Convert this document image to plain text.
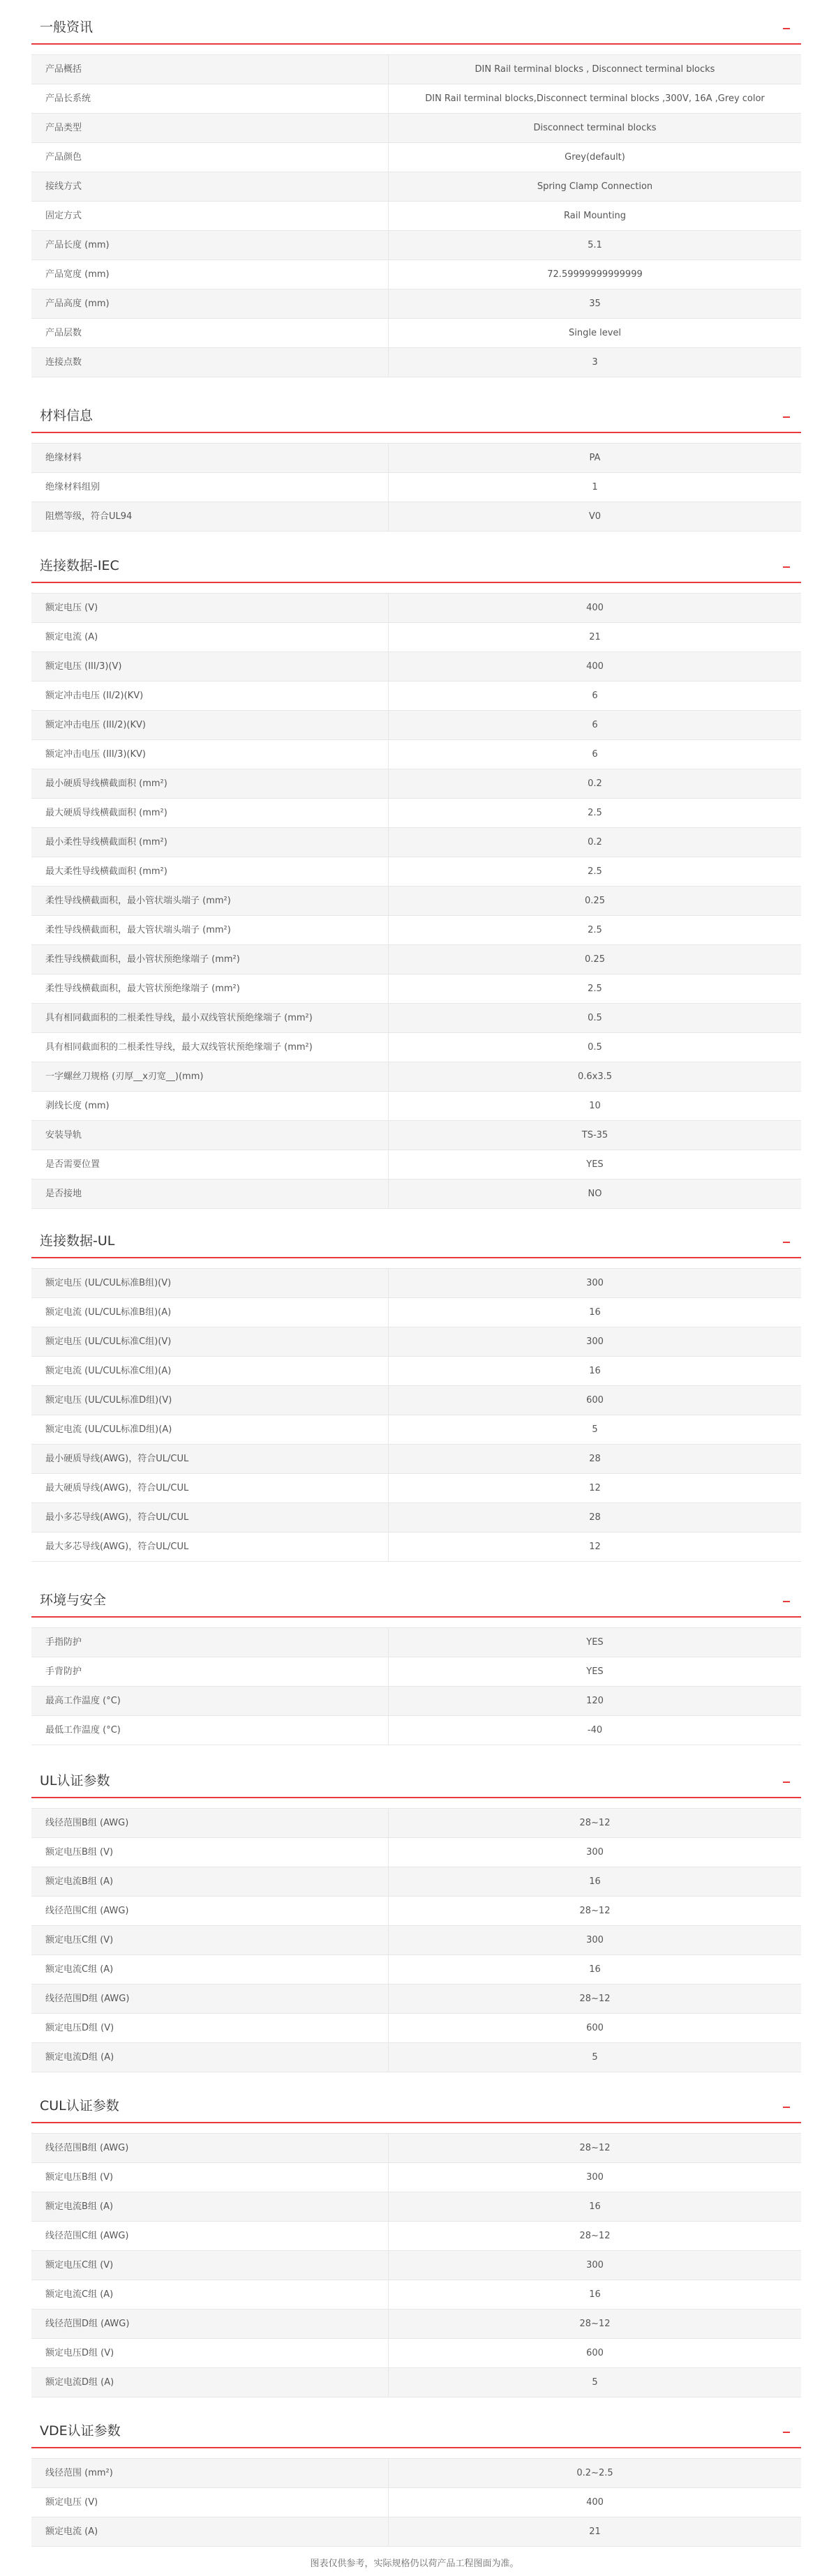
一般资讯
产品概括	DIN Rail terminal blocks , Disconnect terminal blocks
产品长系统	DIN Rail terminal blocks,Disconnect terminal blocks ,300V, 16A ,Grey color
产品类型	Disconnect terminal blocks
产品颜色	Grey(default)
接线方式	Spring Clamp Connection
固定方式	Rail Mounting
产品长度 (mm)	5.1
产品宽度 (mm)	72.59999999999999
产品高度 (mm)	35
产品层数	Single level
连接点数	3
材料信息
绝缘材料	PA
绝缘材料组别	1
阻燃等级，符合UL94	V0
连接数据-IEC
额定电压 (V)	400
额定电流 (A)	21
额定电压 (III/3)(V)	400
额定冲击电压 (II/2)(KV)	6
额定冲击电压 (III/2)(KV)	6
额定冲击电压 (III/3)(KV)	6
最小硬质导线横截面积 (mm²)	0.2
最大硬质导线横截面积 (mm²)	2.5
最小柔性导线横截面积 (mm²)	0.2
最大柔性导线横截面积 (mm²)	2.5
柔性导线横截面积，最小管状端头端子 (mm²)	0.25
柔性导线横截面积，最大管状端头端子 (mm²)	2.5
柔性导线横截面积，最小管状预绝缘端子 (mm²)	0.25
柔性导线横截面积，最大管状预绝缘端子 (mm²)	2.5
具有相同截面积的二根柔性导线，最小双线管状预绝缘端子 (mm²)	0.5
具有相同截面积的二根柔性导线，最大双线管状预绝缘端子 (mm²)	0.5
一字螺丝刀规格 (刃厚__x刃宽__)(mm)	0.6x3.5
剥线长度 (mm)	10
安装导轨	TS-35
是否需要位置	YES
是否接地	NO
连接数据-UL
额定电压 (UL/CUL标准B组)(V)	300
额定电流 (UL/CUL标准B组)(A)	16
额定电压 (UL/CUL标准C组)(V)	300
额定电流 (UL/CUL标准C组)(A)	16
额定电压 (UL/CUL标准D组)(V)	600
额定电流 (UL/CUL标准D组)(A)	5
最小硬质导线(AWG)，符合UL/CUL	28
最大硬质导线(AWG)，符合UL/CUL	12
最小多芯导线(AWG)，符合UL/CUL	28
最大多芯导线(AWG)，符合UL/CUL	12
环境与安全
手指防护	YES
手背防护	YES
最高工作温度 (°C)	120
最低工作温度 (°C)	-40
UL认证参数
线径范围B组 (AWG)	28~12
额定电压B组 (V)	300
额定电流B组 (A)	16
线径范围C组 (AWG)	28~12
额定电压C组 (V)	300
额定电流C组 (A)	16
线径范围D组 (AWG)	28~12
额定电压D组 (V)	600
额定电流D组 (A)	5
CUL认证参数
线径范围B组 (AWG)	28~12
额定电压B组 (V)	300
额定电流B组 (A)	16
线径范围C组 (AWG)	28~12
额定电压C组 (V)	300
额定电流C组 (A)	16
线径范围D组 (AWG)	28~12
额定电压D组 (V)	600
额定电流D组 (A)	5
VDE认证参数
线径范围 (mm²)	0.2~2.5
额定电压 (V)	400
额定电流 (A)	21
图表仅供参考，实际规格仍以荷产品工程图面为准。
